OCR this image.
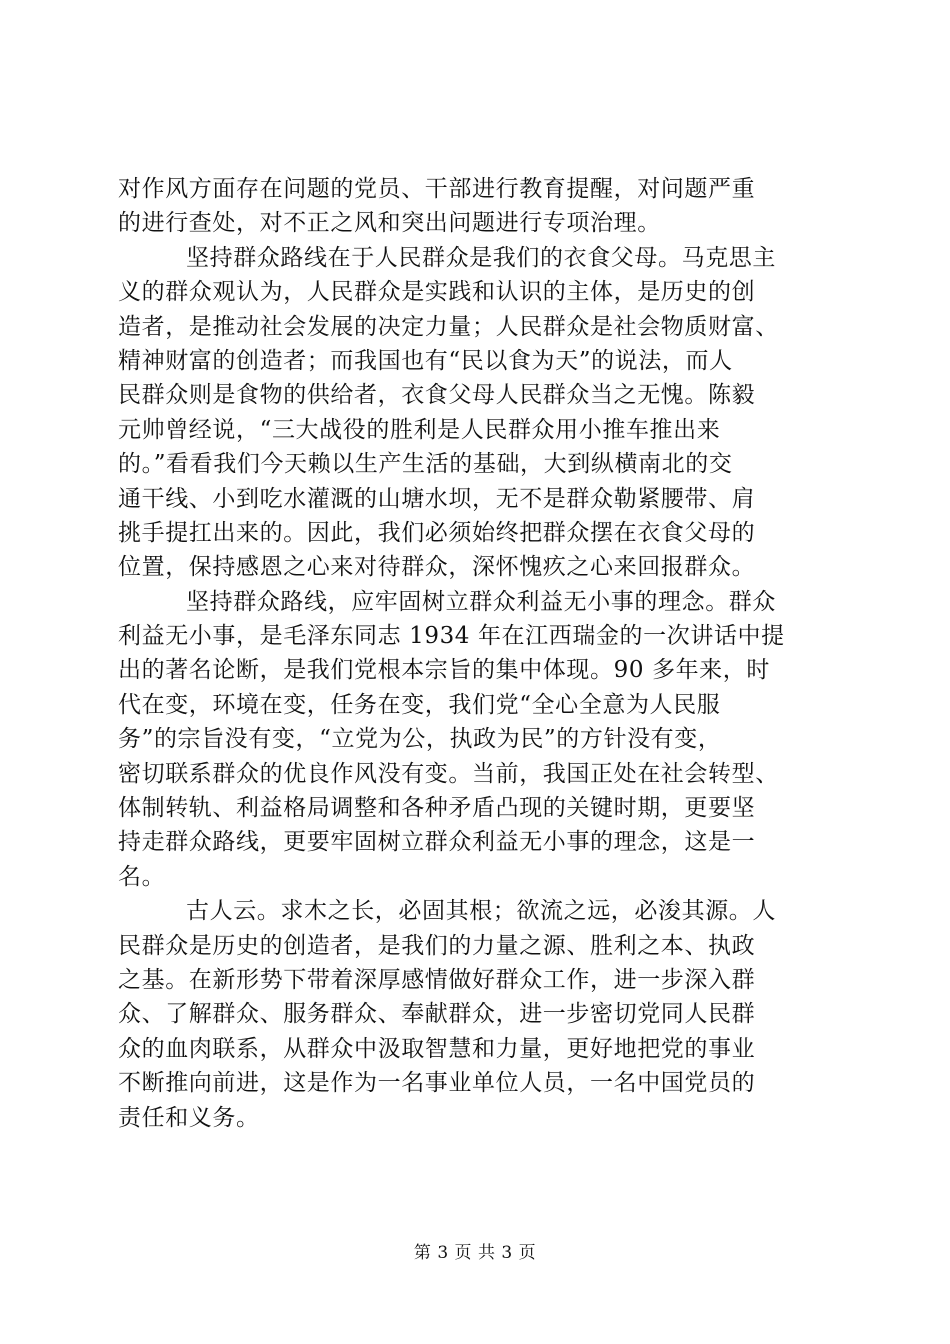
对作风方面存在问题的党员、干部进行教育提醒，对问题严重
的进行查处，对不正之风和突出问题进行专项治理。
坚持群众路线在于人民群众是我们的衣食父母。马克思主
义的群众观认为，人民群众是实践和认识的主体，是历史的创
造者，是推动社会发展的决定力量；人民群众是社会物质财富、
精神财富的创造者；而我国也有“民以食为天”的说法，而人
民群众则是食物的供给者，衣食父母人民群众当之无愧。陈毅
元帅曾经说，“三大战役的胜利是人民群众用小推车推出来
的。”看看我们今天赖以生产生活的基础，大到纵横南北的交
通干线、小到吃水灌溉的山塘水坝，无不是群众勒紧腰带、肩
挑手提扛出来的。因此，我们必须始终把群众摆在衣食父母的
位置，保持感恩之心来对待群众，深怀愧疚之心来回报群众。
坚持群众路线，应牢固树立群众利益无小事的理念。群众
利益无小事，是毛泽东同志 1934 年在江西瑞金的一次讲话中提
出的著名论断，是我们党根本宗旨的集中体现。90 多年来，时
代在变，环境在变，任务在变，我们党“全心全意为人民服
务”的宗旨没有变，“立党为公，执政为民”的方针没有变，
密切联系群众的优良作风没有变。当前，我国正处在社会转型、
体制转轨、利益格局调整和各种矛盾凸现的关键时期，更要坚
持走群众路线，更要牢固树立群众利益无小事的理念，这是一
名。
古人云。求木之长，必固其根；欲流之远，必浚其源。人
民群众是历史的创造者，是我们的力量之源、胜利之本、执政
之基。在新形势下带着深厚感情做好群众工作，进一步深入群
众、了解群众、服务群众、奉献群众，进一步密切党同人民群
众的血肉联系，从群众中汲取智慧和力量，更好地把党的事业
不断推向前进，这是作为一名事业单位人员，一名中国党员的
责任和义务。
第 3 页 共 3 页
